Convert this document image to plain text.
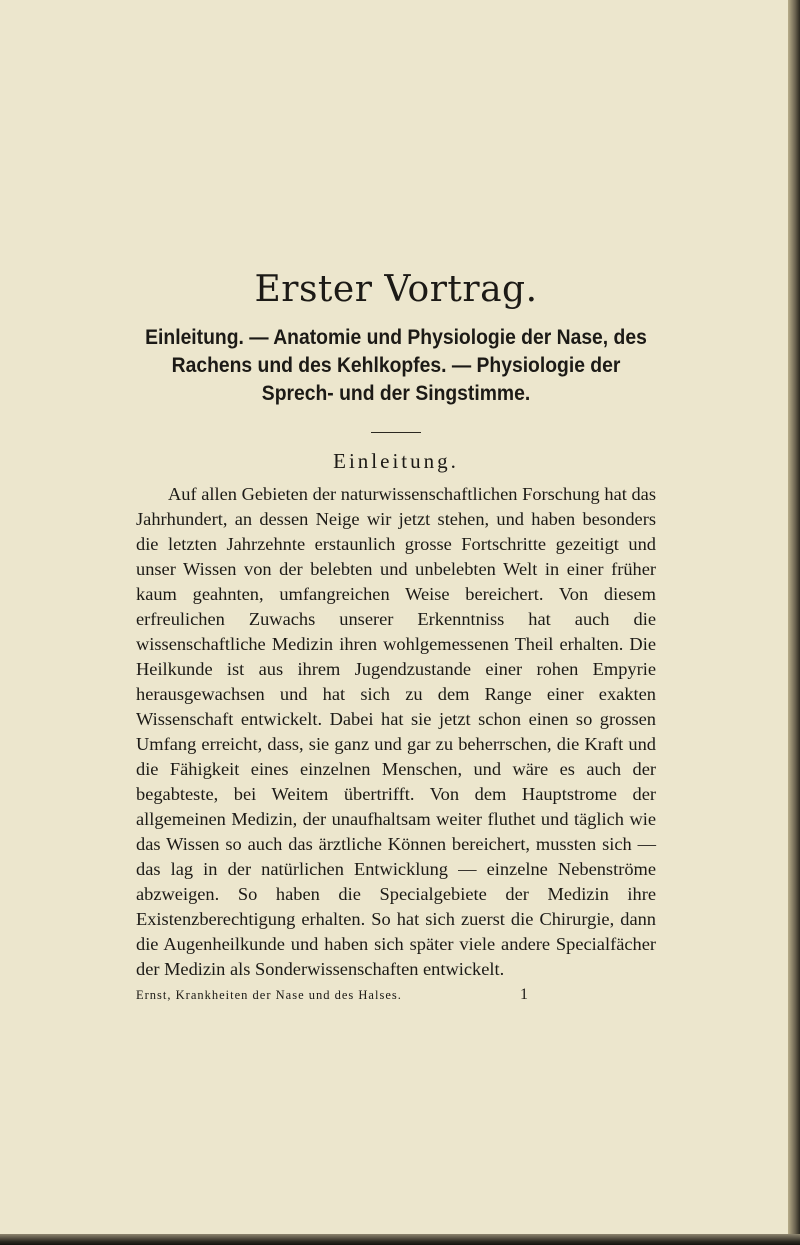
Erster Vortrag.
Einleitung. — Anatomie und Physiologie der Nase, des Rachens und des Kehlkopfes. — Physiologie der Sprech- und der Singstimme.
Einleitung.

Auf allen Gebieten der naturwissenschaftlichen Forschung hat das Jahrhundert, an dessen Neige wir jetzt stehen, und haben besonders die letzten Jahrzehnte erstaunlich grosse Fortschritte gezeitigt und unser Wissen von der belebten und unbelebten Welt in einer früher kaum geahnten, umfangreichen Weise bereichert. Von diesem erfreulichen Zuwachs unserer Erkenntniss hat auch die wissenschaftliche Medizin ihren wohlgemessenen Theil erhalten. Die Heilkunde ist aus ihrem Jugendzustande einer rohen Empyrie herausgewachsen und hat sich zu dem Range einer exakten Wissenschaft entwickelt. Dabei hat sie jetzt schon einen so grossen Umfang erreicht, dass, sie ganz und gar zu beherrschen, die Kraft und die Fähigkeit eines einzelnen Menschen, und wäre es auch der begabteste, bei Weitem übertrifft. Von dem Hauptstrome der allgemeinen Medizin, der unaufhaltsam weiter fluthet und täglich wie das Wissen so auch das ärztliche Können bereichert, mussten sich — das lag in der natürlichen Entwicklung — einzelne Nebenströme abzweigen. So haben die Specialgebiete der Medizin ihre Existenzberechtigung erhalten. So hat sich zuerst die Chirurgie, dann die Augenheilkunde und haben sich später viele andere Specialfächer der Medizin als Sonderwissenschaften entwickelt.

Ernst, Krankheiten der Nase und des Halses.	1
